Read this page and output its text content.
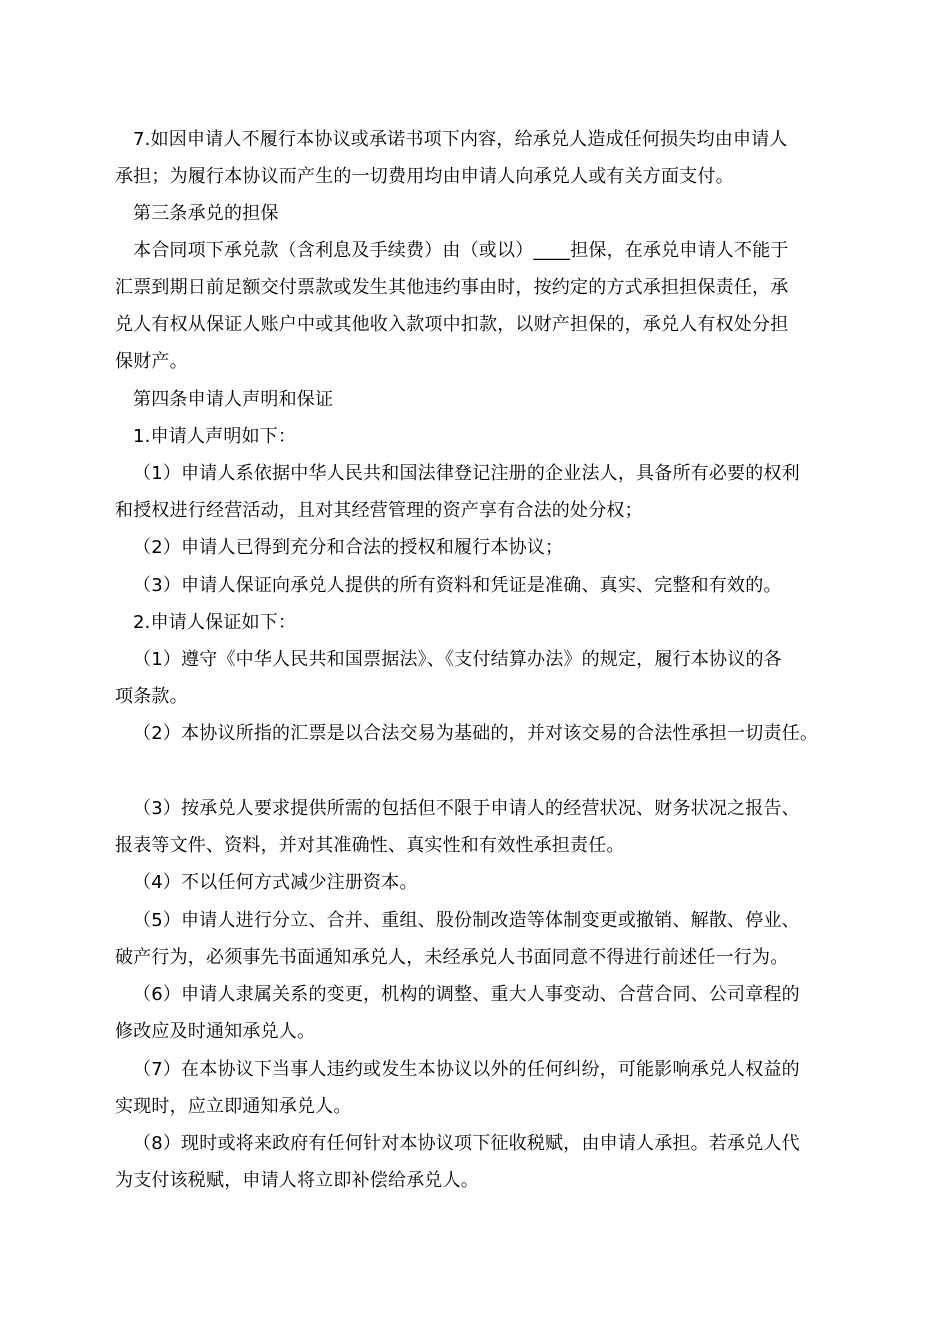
7.如因申请人不履行本协议或承诺书项下内容，给承兑人造成任何损失均由申请人
承担；为履行本协议而产生的一切费用均由申请人向承兑人或有关方面支付。
第三条承兑的担保
本合同项下承兑款（含利息及手续费）由（或以）____担保，在承兑申请人不能于
汇票到期日前足额交付票款或发生其他违约事由时，按约定的方式承担担保责任，承
兑人有权从保证人账户中或其他收入款项中扣款，以财产担保的，承兑人有权处分担
保财产。
第四条申请人声明和保证
1.申请人声明如下：
（1）申请人系依据中华人民共和国法律登记注册的企业法人，具备所有必要的权利
和授权进行经营活动，且对其经营管理的资产享有合法的处分权；
（2）申请人已得到充分和合法的授权和履行本协议；
（3）申请人保证向承兑人提供的所有资料和凭证是准确、真实、完整和有效的。
2.申请人保证如下：
（1）遵守《中华人民共和国票据法》、《支付结算办法》的规定，履行本协议的各
项条款。
（2）本协议所指的汇票是以合法交易为基础的，并对该交易的合法性承担一切责任。
（3）按承兑人要求提供所需的包括但不限于申请人的经营状况、财务状况之报告、
报表等文件、资料，并对其准确性、真实性和有效性承担责任。
（4）不以任何方式减少注册资本。
（5）申请人进行分立、合并、重组、股份制改造等体制变更或撤销、解散、停业、
破产行为，必须事先书面通知承兑人，未经承兑人书面同意不得进行前述任一行为。
（6）申请人隶属关系的变更，机构的调整、重大人事变动、合营合同、公司章程的
修改应及时通知承兑人。
（7）在本协议下当事人违约或发生本协议以外的任何纠纷，可能影响承兑人权益的
实现时，应立即通知承兑人。
（8）现时或将来政府有任何针对本协议项下征收税赋，由申请人承担。若承兑人代
为支付该税赋，申请人将立即补偿给承兑人。
